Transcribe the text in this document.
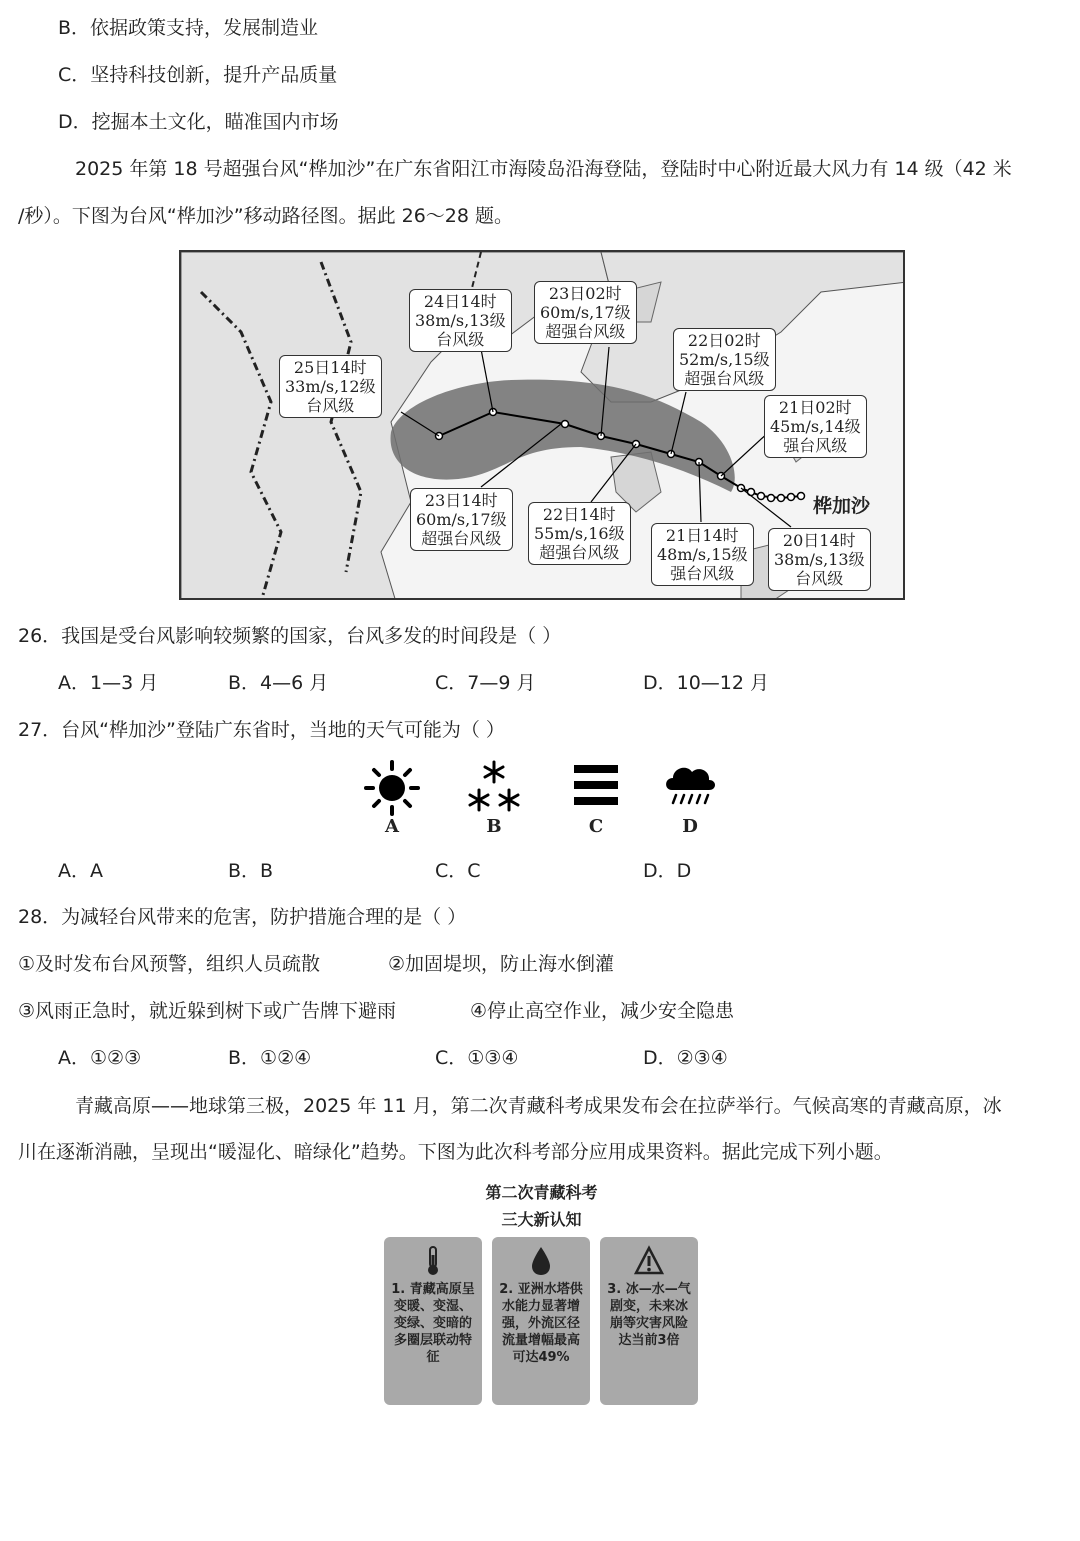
B．依据政策支持，发展制造业
C．坚持科技创新，提升产品质量
D．挖掘本土文化，瞄准国内市场
2025 年第 18 号超强台风“桦加沙”在广东省阳江市海陵岛沿海登陆，登陆时中心附近最大风力有 14 级（42 米
/秒）。下图为台风“桦加沙”移动路径图。据此 26～28 题。
24日14时
38m/s,13级
台风级
23日02时
60m/s,17级
超强台风级	22日02时
52m/s,15级
超强台风级
25日14时
33m/s,12级
台风级	21日02时
45m/s,14级
强台风级
23日14时
60m/s,17级
超强台风级
22日14时
55m/s,16级
超强台风级
21日14时
48m/s,15级
强台风级
20日14时
38m/s,13级
台风级
桦加沙
26．我国是受台风影响较频繁的国家，台风多发的时间段是（ ）
A．1—3 月	B．4—6 月	C．7—9 月	D．10—12 月
27．台风“桦加沙”登陆广东省时，当地的天气可能为（ ）
A	B	C	D
A．A	B．B	C．C	D．D
28．为减轻台风带来的危害，防护措施合理的是（ ）
①及时发布台风预警，组织人员疏散	②加固堤坝，防止海水倒灌
③风雨正急时，就近躲到树下或广告牌下避雨	④停止高空作业，减少安全隐患
A．①②③	B．①②④	C．①③④	D．②③④
青藏高原——地球第三极，2025 年 11 月，第二次青藏科考成果发布会在拉萨举行。气候高寒的青藏高原，冰
川在逐渐消融，呈现出“暖湿化、暗绿化”趋势。下图为此次科考部分应用成果资料。据此完成下列小题。
第二次青藏科考
三大新认知
1. 青藏高原呈变暖、变湿、变绿、变暗的多圈层联动特征
2. 亚洲水塔供水能力显著增强，外流区径流量增幅最高可达49%
3. 冰—水—气剧变，未来冰崩等灾害风险达当前3倍
